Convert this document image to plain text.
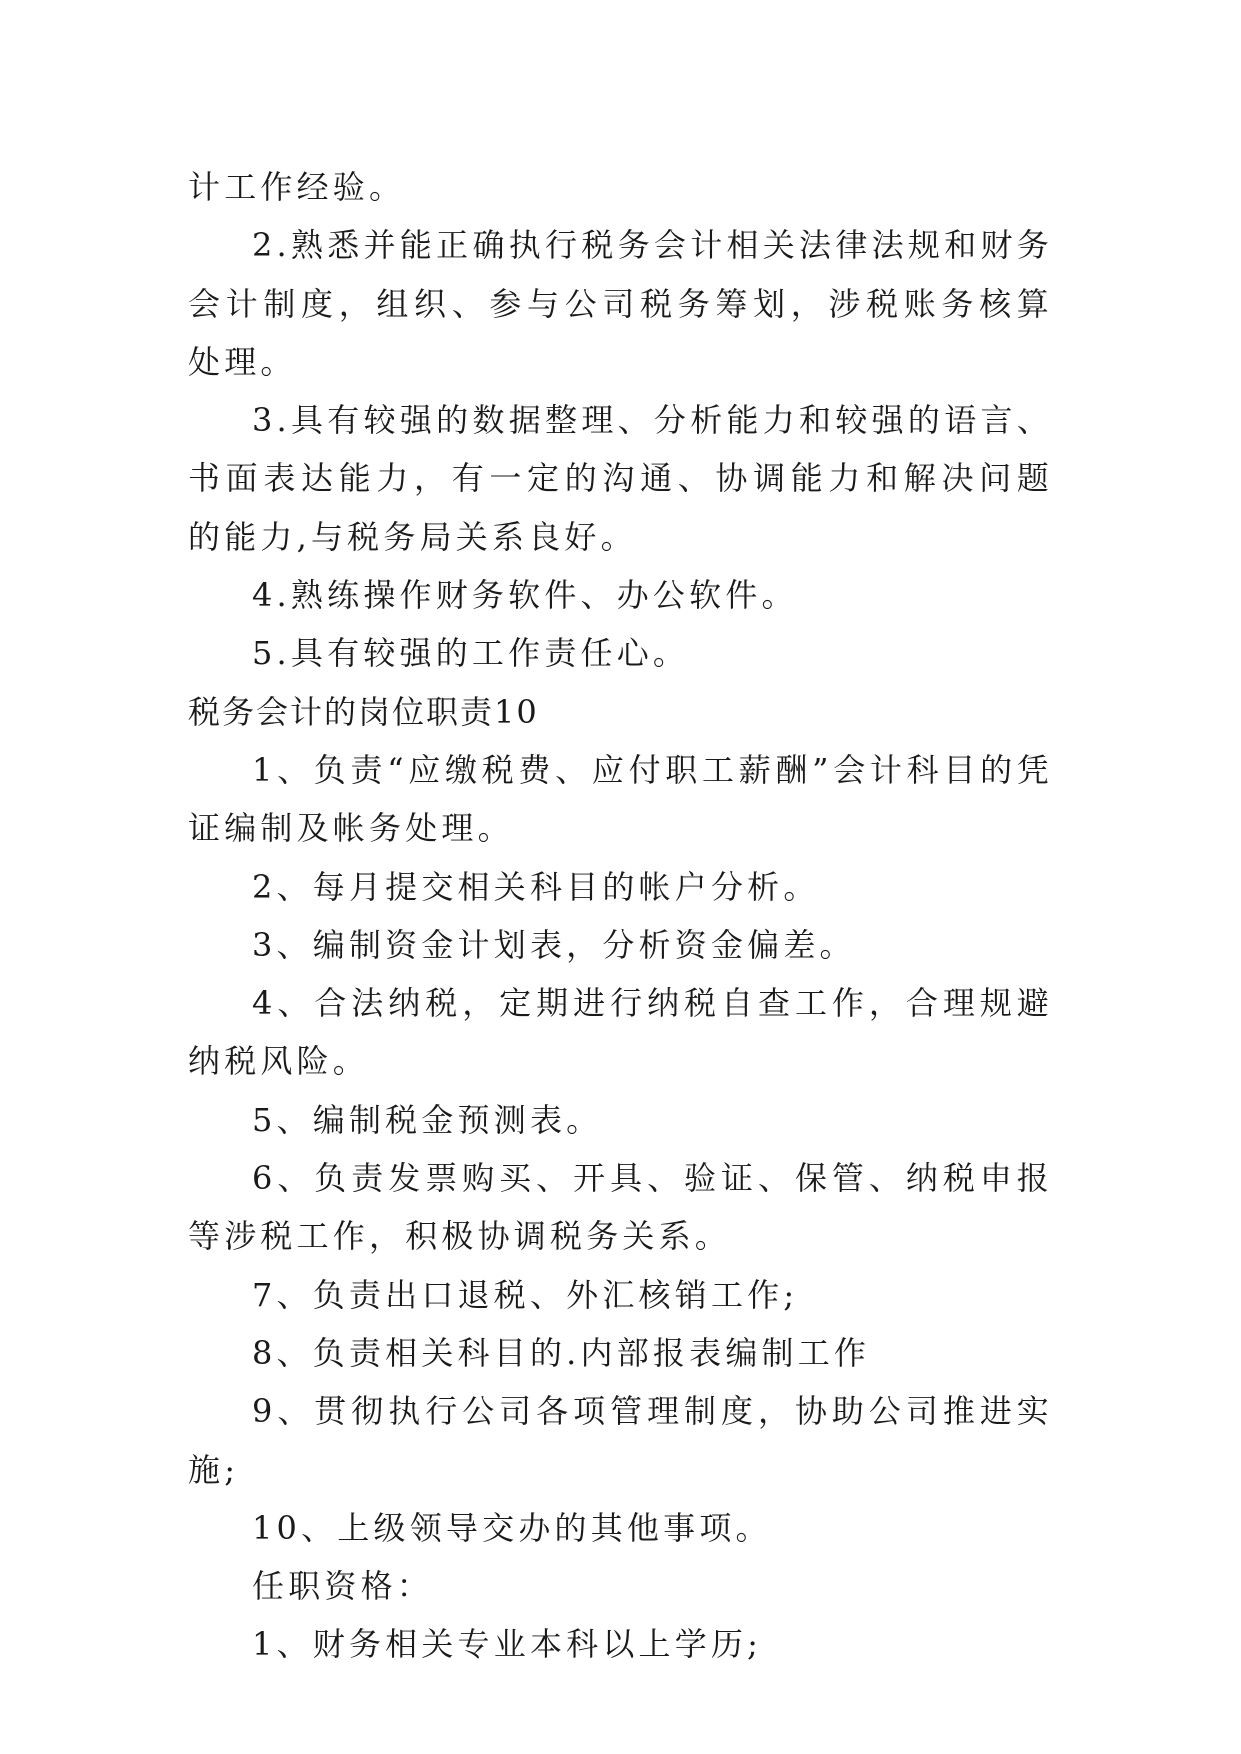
计工作经验。

2.熟悉并能正确执行税务会计相关法律法规和财务会计制度，组织、参与公司税务筹划，涉税账务核算处理。

3.具有较强的数据整理、分析能力和较强的语言、书面表达能力，有一定的沟通、协调能力和解决问题的能力,与税务局关系良好。

4.熟练操作财务软件、办公软件。

5.具有较强的工作责任心。

税务会计的岗位职责10

1、负责“应缴税费、应付职工薪酬”会计科目的凭证编制及帐务处理。

2、每月提交相关科目的帐户分析。

3、编制资金计划表，分析资金偏差。

4、合法纳税，定期进行纳税自查工作，合理规避纳税风险。

5、编制税金预测表。

6、负责发票购买、开具、验证、保管、纳税申报等涉税工作，积极协调税务关系。

7、负责出口退税、外汇核销工作;

8、负责相关科目的.内部报表编制工作

9、贯彻执行公司各项管理制度，协助公司推进实施;

10、上级领导交办的其他事项。

任职资格：

1、财务相关专业本科以上学历;
